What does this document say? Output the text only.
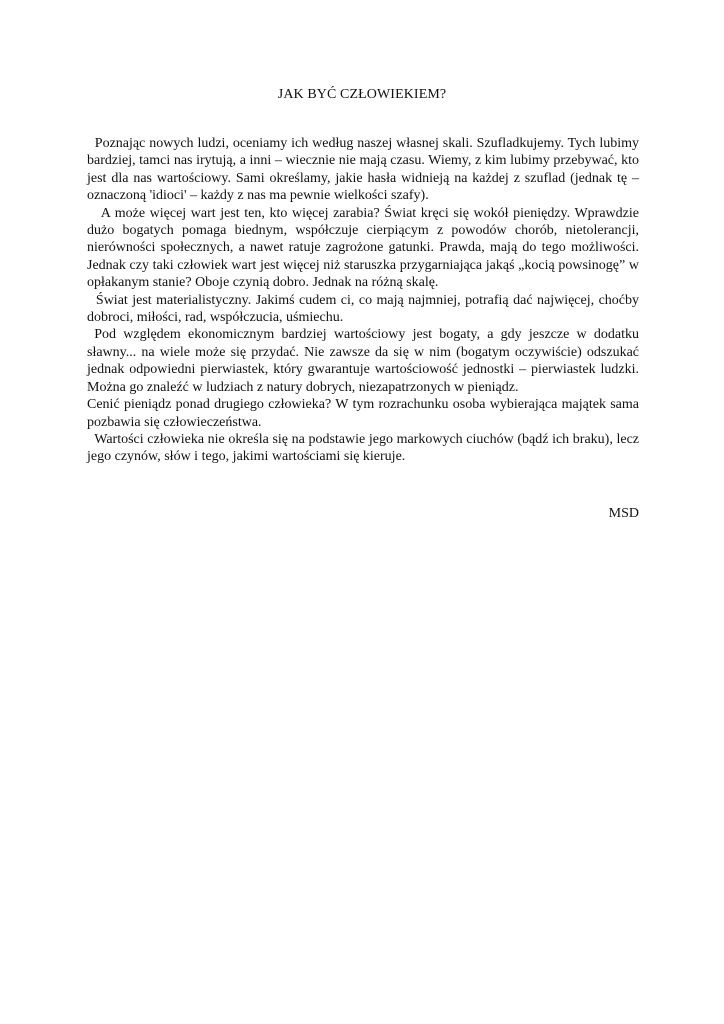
JAK BYĆ CZŁOWIEKIEM?

Poznając nowych ludzi, oceniamy ich według naszej własnej skali. Szufladkujemy. Tych lubimy bardziej, tamci nas irytują, a inni – wiecznie nie mają czasu. Wiemy, z kim lubimy przebywać, kto jest dla nas wartościowy. Sami określamy, jakie hasła widnieją na każdej z szuflad (jednak tę – oznaczoną 'idioci' – każdy z nas ma pewnie wielkości szafy).

A może więcej wart jest ten, kto więcej zarabia? Świat kręci się wokół pieniędzy. Wprawdzie dużo bogatych pomaga biednym, współczuje cierpiącym z powodów chorób, nietolerancji, nierówności społecznych, a nawet ratuje zagrożone gatunki. Prawda, mają do tego możliwości. Jednak czy taki człowiek wart jest więcej niż staruszka przygarniająca jakąś „kocią powsinogę” w opłakanym stanie? Oboje czynią dobro. Jednak na różną skalę.

Świat jest materialistyczny. Jakimś cudem ci, co mają najmniej, potrafią dać najwięcej, choćby dobroci, miłości, rad, współczucia, uśmiechu.

Pod względem ekonomicznym bardziej wartościowy jest bogaty, a gdy jeszcze w dodatku sławny... na wiele może się przydać. Nie zawsze da się w nim (bogatym oczywiście) odszukać jednak odpowiedni pierwiastek, który gwarantuje wartościowość jednostki – pierwiastek ludzki. Można go znaleźć w ludziach z natury dobrych, niezapatrzonych w pieniądz.

Cenić pieniądz ponad drugiego człowieka? W tym rozrachunku osoba wybierająca majątek sama pozbawia się człowieczeństwa.

Wartości człowieka nie określa się na podstawie jego markowych ciuchów (bądź ich braku), lecz jego czynów, słów i tego, jakimi wartościami się kieruje.

MSD
